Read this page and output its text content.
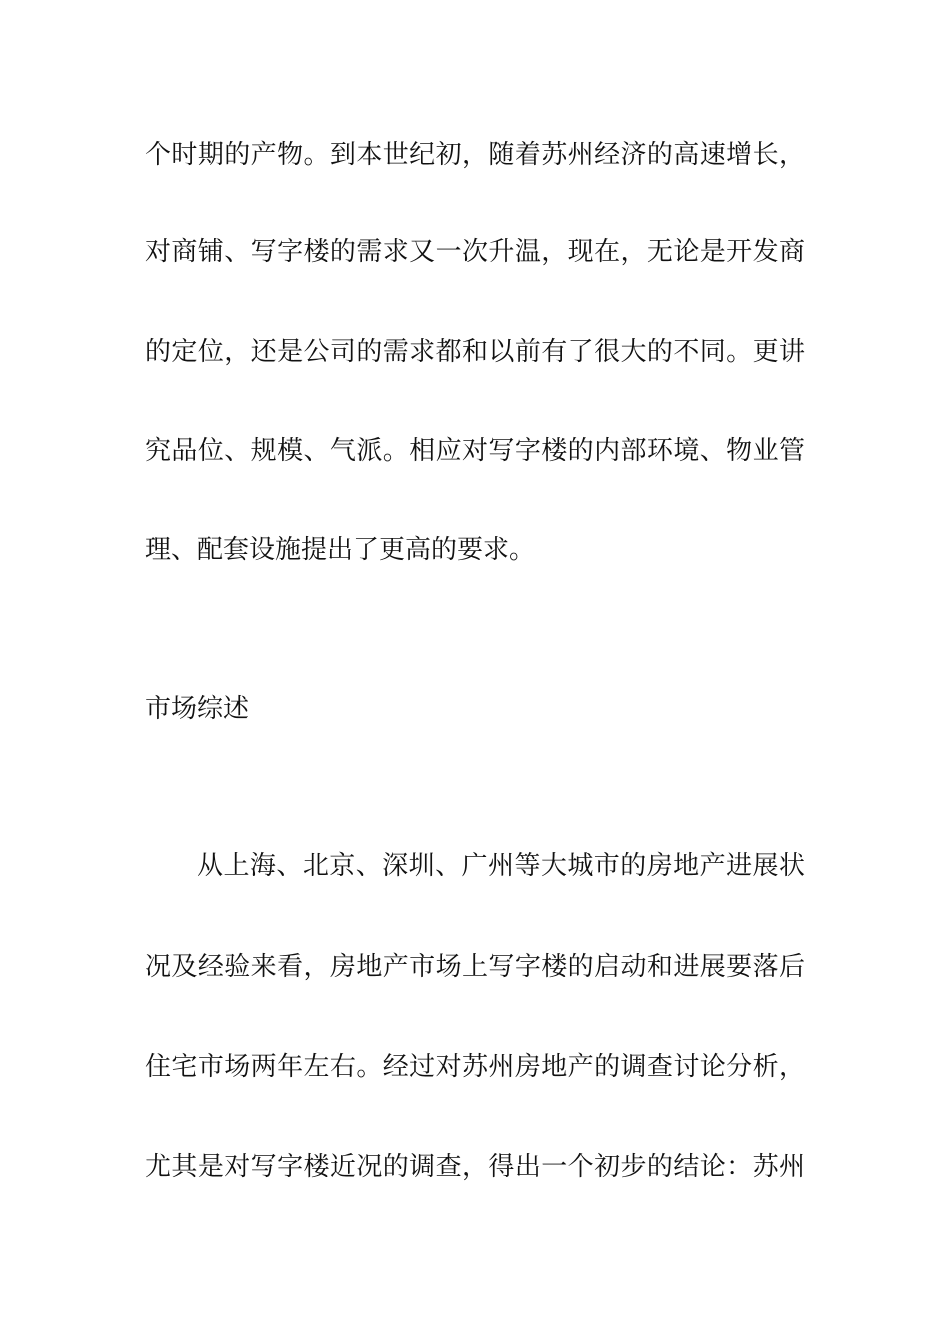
个时期的产物。到本世纪初，随着苏州经济的高速增长，
对商铺、写字楼的需求又一次升温，现在，无论是开发商
的定位，还是公司的需求都和以前有了很大的不同。更讲
究品位、规模、气派。相应对写字楼的内部环境、物业管
理、配套设施提出了更高的要求。
市场综述
从上海、北京、深圳、广州等大城市的房地产进展状
况及经验来看，房地产市场上写字楼的启动和进展要落后
住宅市场两年左右。经过对苏州房地产的调查讨论分析，
尤其是对写字楼近况的调查，得出一个初步的结论：苏州
